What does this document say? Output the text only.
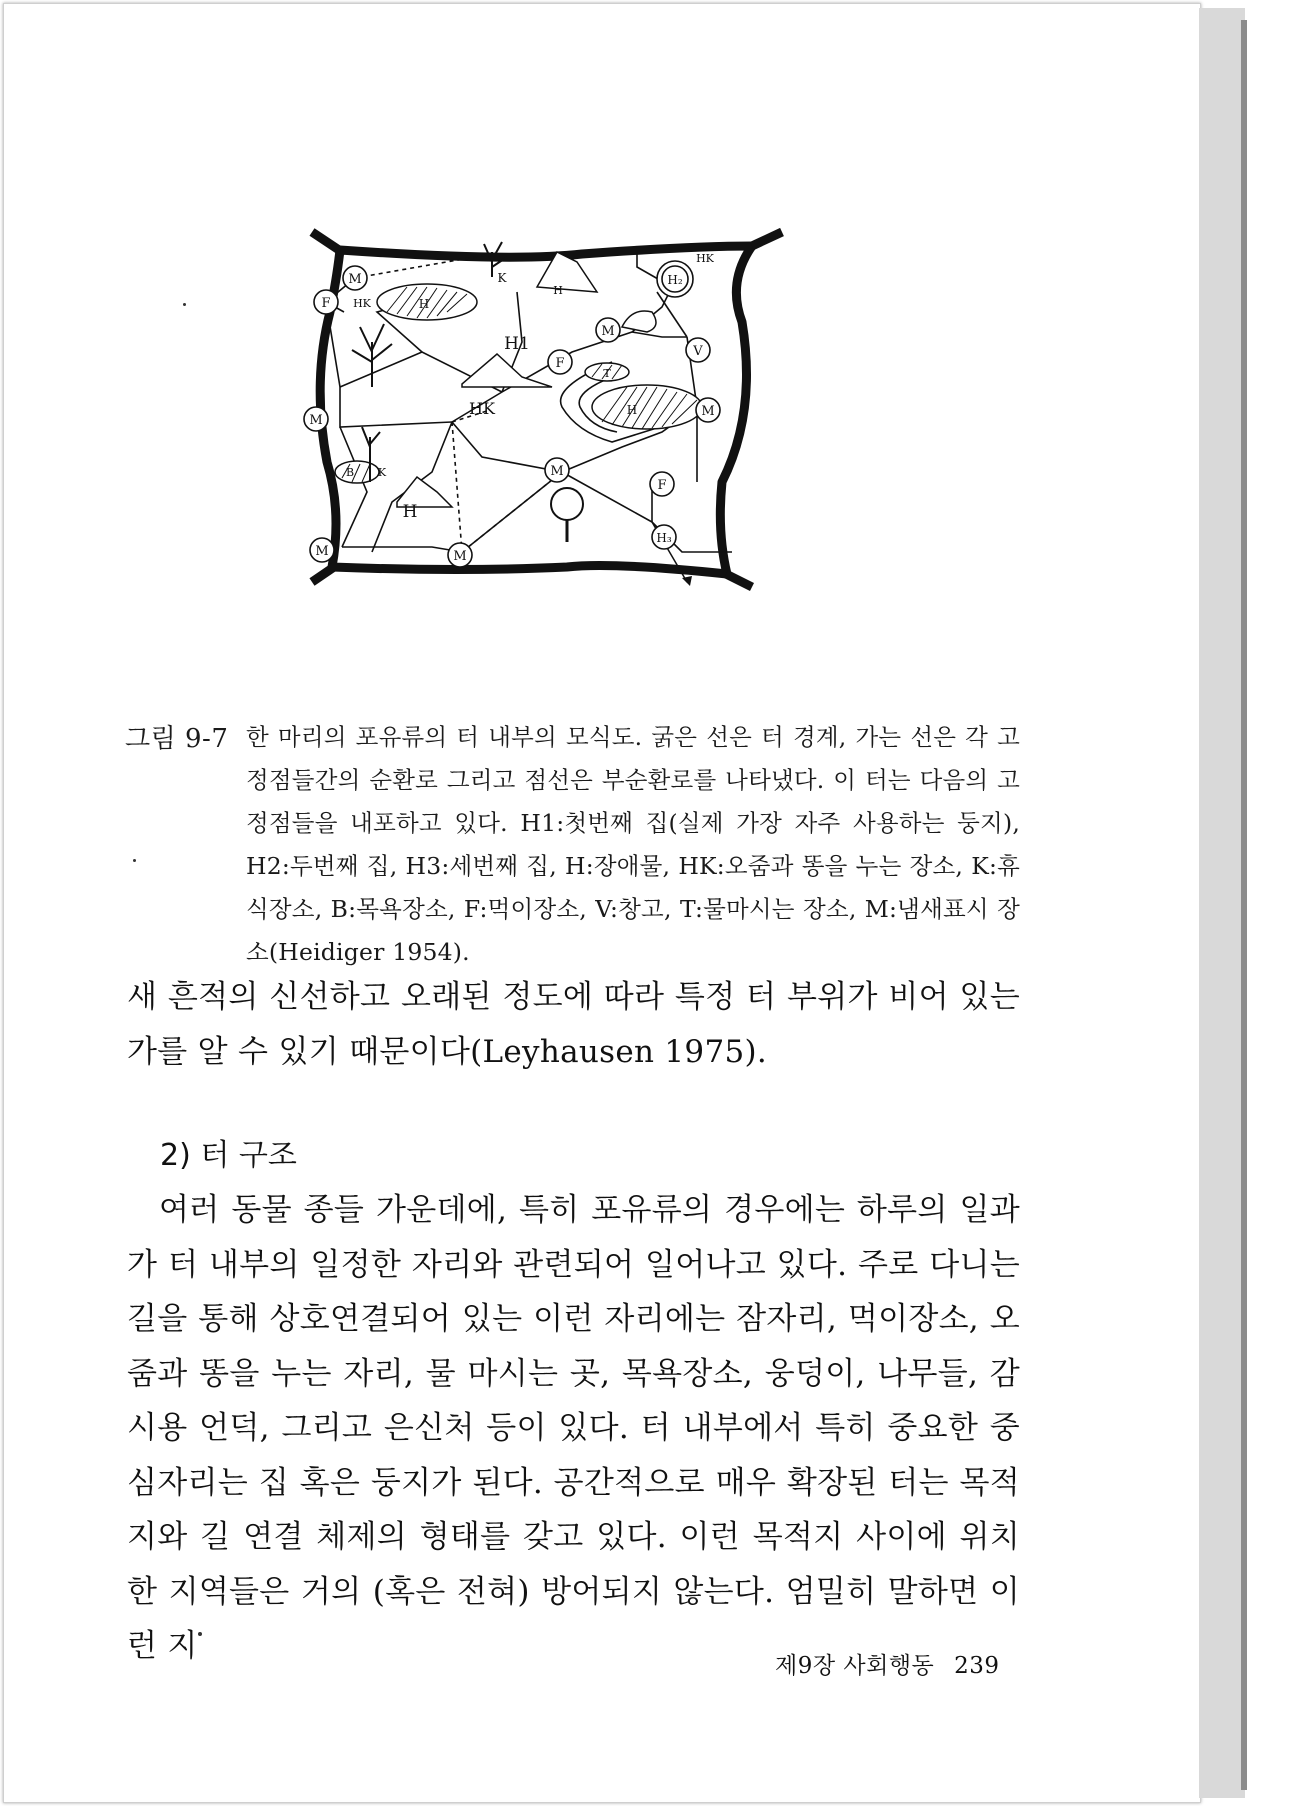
M
F HK	H
K
H
HK
H₂
M
V
H1
F
T
HK	H	M
M
B K	M
F
H
H₃
M	M
그림 9-7 한 마리의 포유류의 터 내부의 모식도. 굵은 선은 터 경계, 가는 선은 각 고정점들간의 순환로 그리고 점선은 부순환로를 나타냈다. 이 터는 다음의 고정점들을 내포하고 있다. H1:첫번째 집(실제 가장 자주 사용하는 둥지), H2:두번째 집, H3:세번째 집, H:장애물, HK:오줌과 똥을 누는 장소, K:휴식장소, B:목욕장소, F:먹이장소, V:창고, T:물마시는 장소, M:냄새표시 장소(Heidiger 1954).
새 흔적의 신선하고 오래된 정도에 따라 특정 터 부위가 비어 있는가를 알 수 있기 때문이다(Leyhausen 1975).
2) 터 구조
여러 동물 종들 가운데에, 특히 포유류의 경우에는 하루의 일과가 터 내부의 일정한 자리와 관련되어 일어나고 있다. 주로 다니는 길을 통해 상호연결되어 있는 이런 자리에는 잠자리, 먹이장소, 오줌과 똥을 누는 자리, 물 마시는 곳, 목욕장소, 웅덩이, 나무들, 감시용 언덕, 그리고 은신처 등이 있다. 터 내부에서 특히 중요한 중심자리는 집 혹은 둥지가 된다. 공간적으로 매우 확장된 터는 목적지와 길 연결 체제의 형태를 갖고 있다. 이런 목적지 사이에 위치한 지역들은 거의 (혹은 전혀) 방어되지 않는다. 엄밀히 말하면 이런 지
제9장 사회행동 239
